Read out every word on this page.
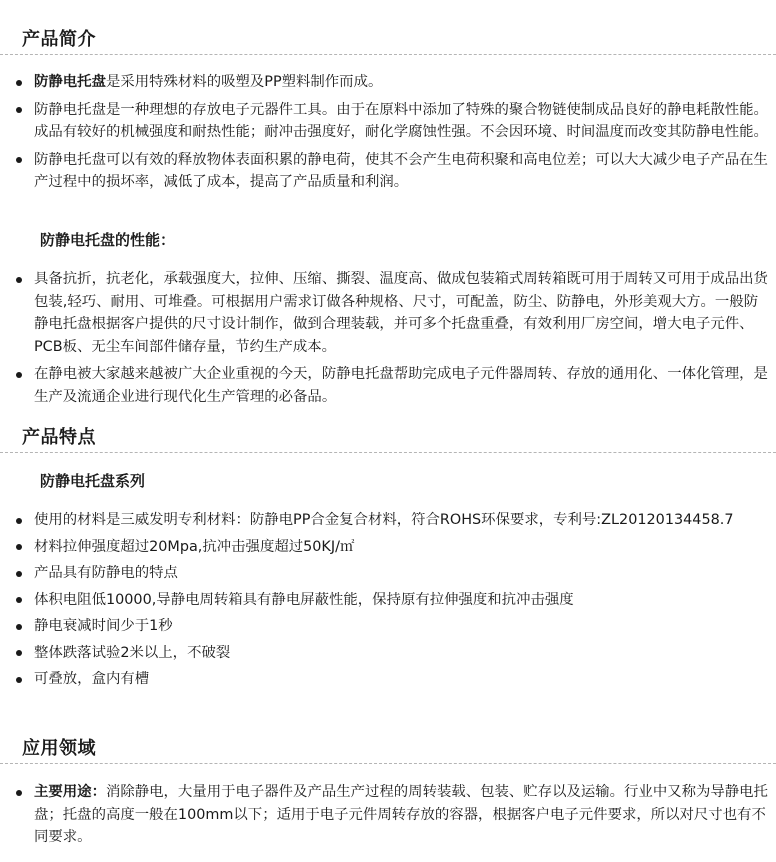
产品简介
防静电托盘是采用特殊材料的吸塑及PP塑料制作而成。
防静电托盘是一种理想的存放电子元器件工具。由于在原料中添加了特殊的聚合物链使制成品良好的静电耗散性能。成品有较好的机械强度和耐热性能；耐冲击强度好，耐化学腐蚀性强。不会因环境、时间温度而改变其防静电性能。
防静电托盘可以有效的释放物体表面积累的静电荷，使其不会产生电荷积聚和高电位差；可以大大减少电子产品在生产过程中的损坏率，减低了成本，提高了产品质量和利润。
防静电托盘的性能：
具备抗折，抗老化，承载强度大，拉伸、压缩、撕裂、温度高、做成包装箱式周转箱既可用于周转又可用于成品出货包装,轻巧、耐用、可堆叠。可根据用户需求订做各种规格、尺寸，可配盖，防尘、防静电，外形美观大方。一般防静电托盘根据客户提供的尺寸设计制作，做到合理装载，并可多个托盘重叠，有效利用厂房空间，增大电子元件、PCB板、无尘车间部件储存量，节约生产成本。
在静电被大家越来越被广大企业重视的今天，防静电托盘帮助完成电子元件器周转、存放的通用化、一体化管理，是生产及流通企业进行现代化生产管理的必备品。
产品特点
防静电托盘系列
使用的材料是三威发明专利材料：防静电PP合金复合材料，符合ROHS环保要求，专利号:ZL20120134458.7
材料拉伸强度超过20Mpa,抗冲击强度超过50KJ/㎡
产品具有防静电的特点
体积电阻低10000,导静电周转箱具有静电屏蔽性能，保持原有拉伸强度和抗冲击强度
静电衰减时间少于1秒
整体跌落试验2米以上，不破裂
可叠放，盒内有槽
应用领域
主要用途：消除静电，大量用于电子器件及产品生产过程的周转装载、包装、贮存以及运输。行业中又称为导静电托盘；托盘的高度一般在100mm以下；适用于电子元件周转存放的容器，根据客户电子元件要求，所以对尺寸也有不同要求。
